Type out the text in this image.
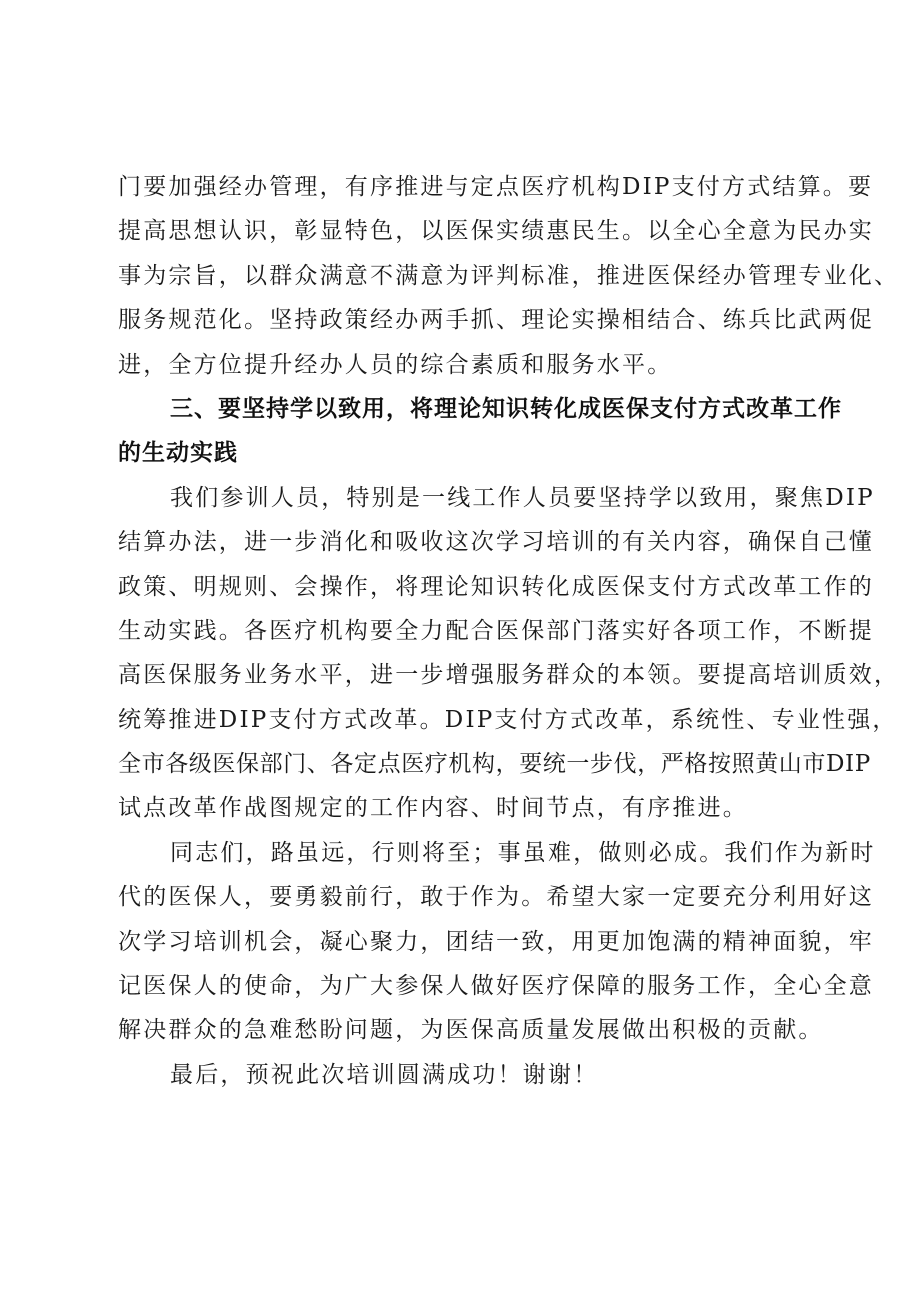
门要加强经办管理，有序推进与定点医疗机构DIP支付方式结算。要
提高思想认识，彰显特色，以医保实绩惠民生。以全心全意为民办实
事为宗旨，以群众满意不满意为评判标准，推进医保经办管理专业化、
服务规范化。坚持政策经办两手抓、理论实操相结合、练兵比武两促
进，全方位提升经办人员的综合素质和服务水平。
三、要坚持学以致用，将理论知识转化成医保支付方式改革工作
的生动实践
我们参训人员，特别是一线工作人员要坚持学以致用，聚焦DIP
结算办法，进一步消化和吸收这次学习培训的有关内容，确保自己懂
政策、明规则、会操作，将理论知识转化成医保支付方式改革工作的
生动实践。各医疗机构要全力配合医保部门落实好各项工作，不断提
高医保服务业务水平，进一步增强服务群众的本领。要提高培训质效，
统筹推进DIP支付方式改革。DIP支付方式改革，系统性、专业性强，
全市各级医保部门、各定点医疗机构，要统一步伐，严格按照黄山市DIP
试点改革作战图规定的工作内容、时间节点，有序推进。
同志们，路虽远，行则将至；事虽难，做则必成。我们作为新时
代的医保人，要勇毅前行，敢于作为。希望大家一定要充分利用好这
次学习培训机会，凝心聚力，团结一致，用更加饱满的精神面貌，牢
记医保人的使命，为广大参保人做好医疗保障的服务工作，全心全意
解决群众的急难愁盼问题，为医保高质量发展做出积极的贡献。
最后，预祝此次培训圆满成功！谢谢！
